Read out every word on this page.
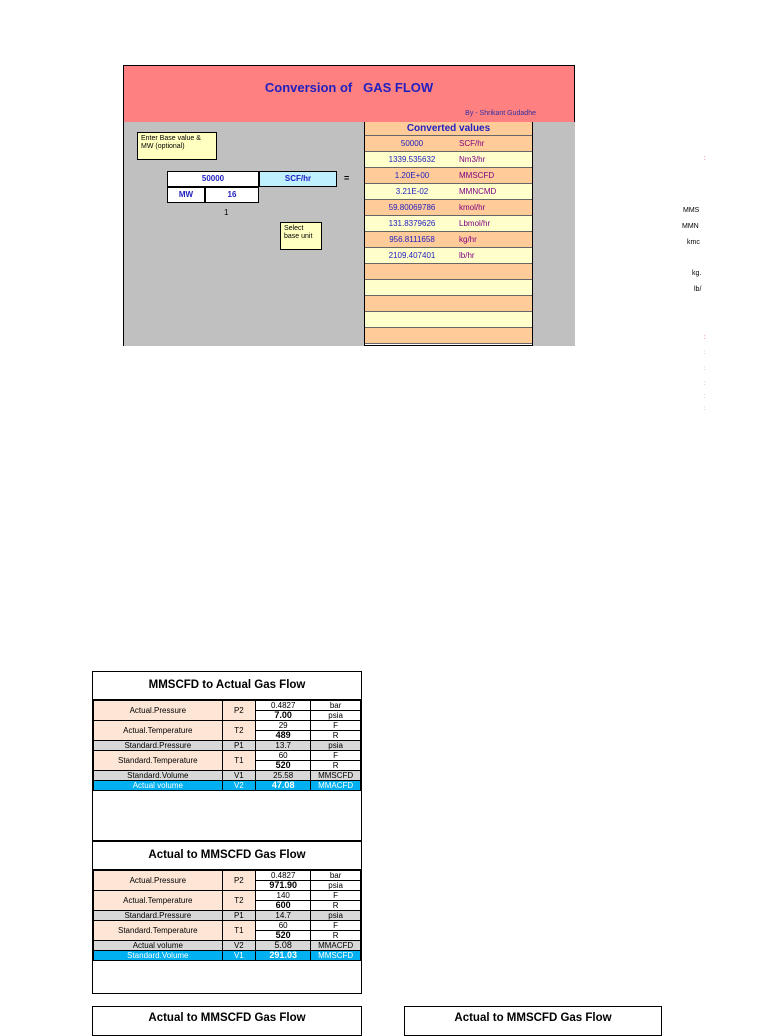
Conversion of   GAS FLOW
By - Shrikant Gudadhe
Enter Base value & MW (optional)
50000	SCF/hr	=
MW	16
1
Select base unit
Converted values
50000	SCF/hr
1339.535632	Nm3/hr
1.20E+00	MMSCFD
3.21E-02	MMNCMD
59.80069786	kmol/hr
131.8379626	Lbmol/hr
956.8111658	kg/hr
2109.407401	lb/hr
:
MMS
MMN
kmc
kg.
lb/
:
:
:
:
:
:
MMSCFD to Actual Gas Flow
Actual.Pressure	P2	0.4827	bar
		7.00	psia
Actual.Temperature	T2	29	F
		489	R
Standard.Pressure	P1	13.7	psia
Standard.Temperature	T1	60	F
		520	R
Standard.Volume	V1	25.58	MMSCFD
Actual volume	V2	47.08	MMACFD
Actual to MMSCFD Gas Flow
Actual.Pressure	P2	0.4827	bar
		971.90	psia
Actual.Temperature	T2	140	F
		600	R
Standard.Pressure	P1	14.7	psia
Standard.Temperature	T1	60	F
		520	R
Actual volume	V2	5.08	MMACFD
Standard.Volume	V1	291.03	MMSCFD
Actual to MMSCFD Gas Flow	Actual to MMSCFD Gas Flow
